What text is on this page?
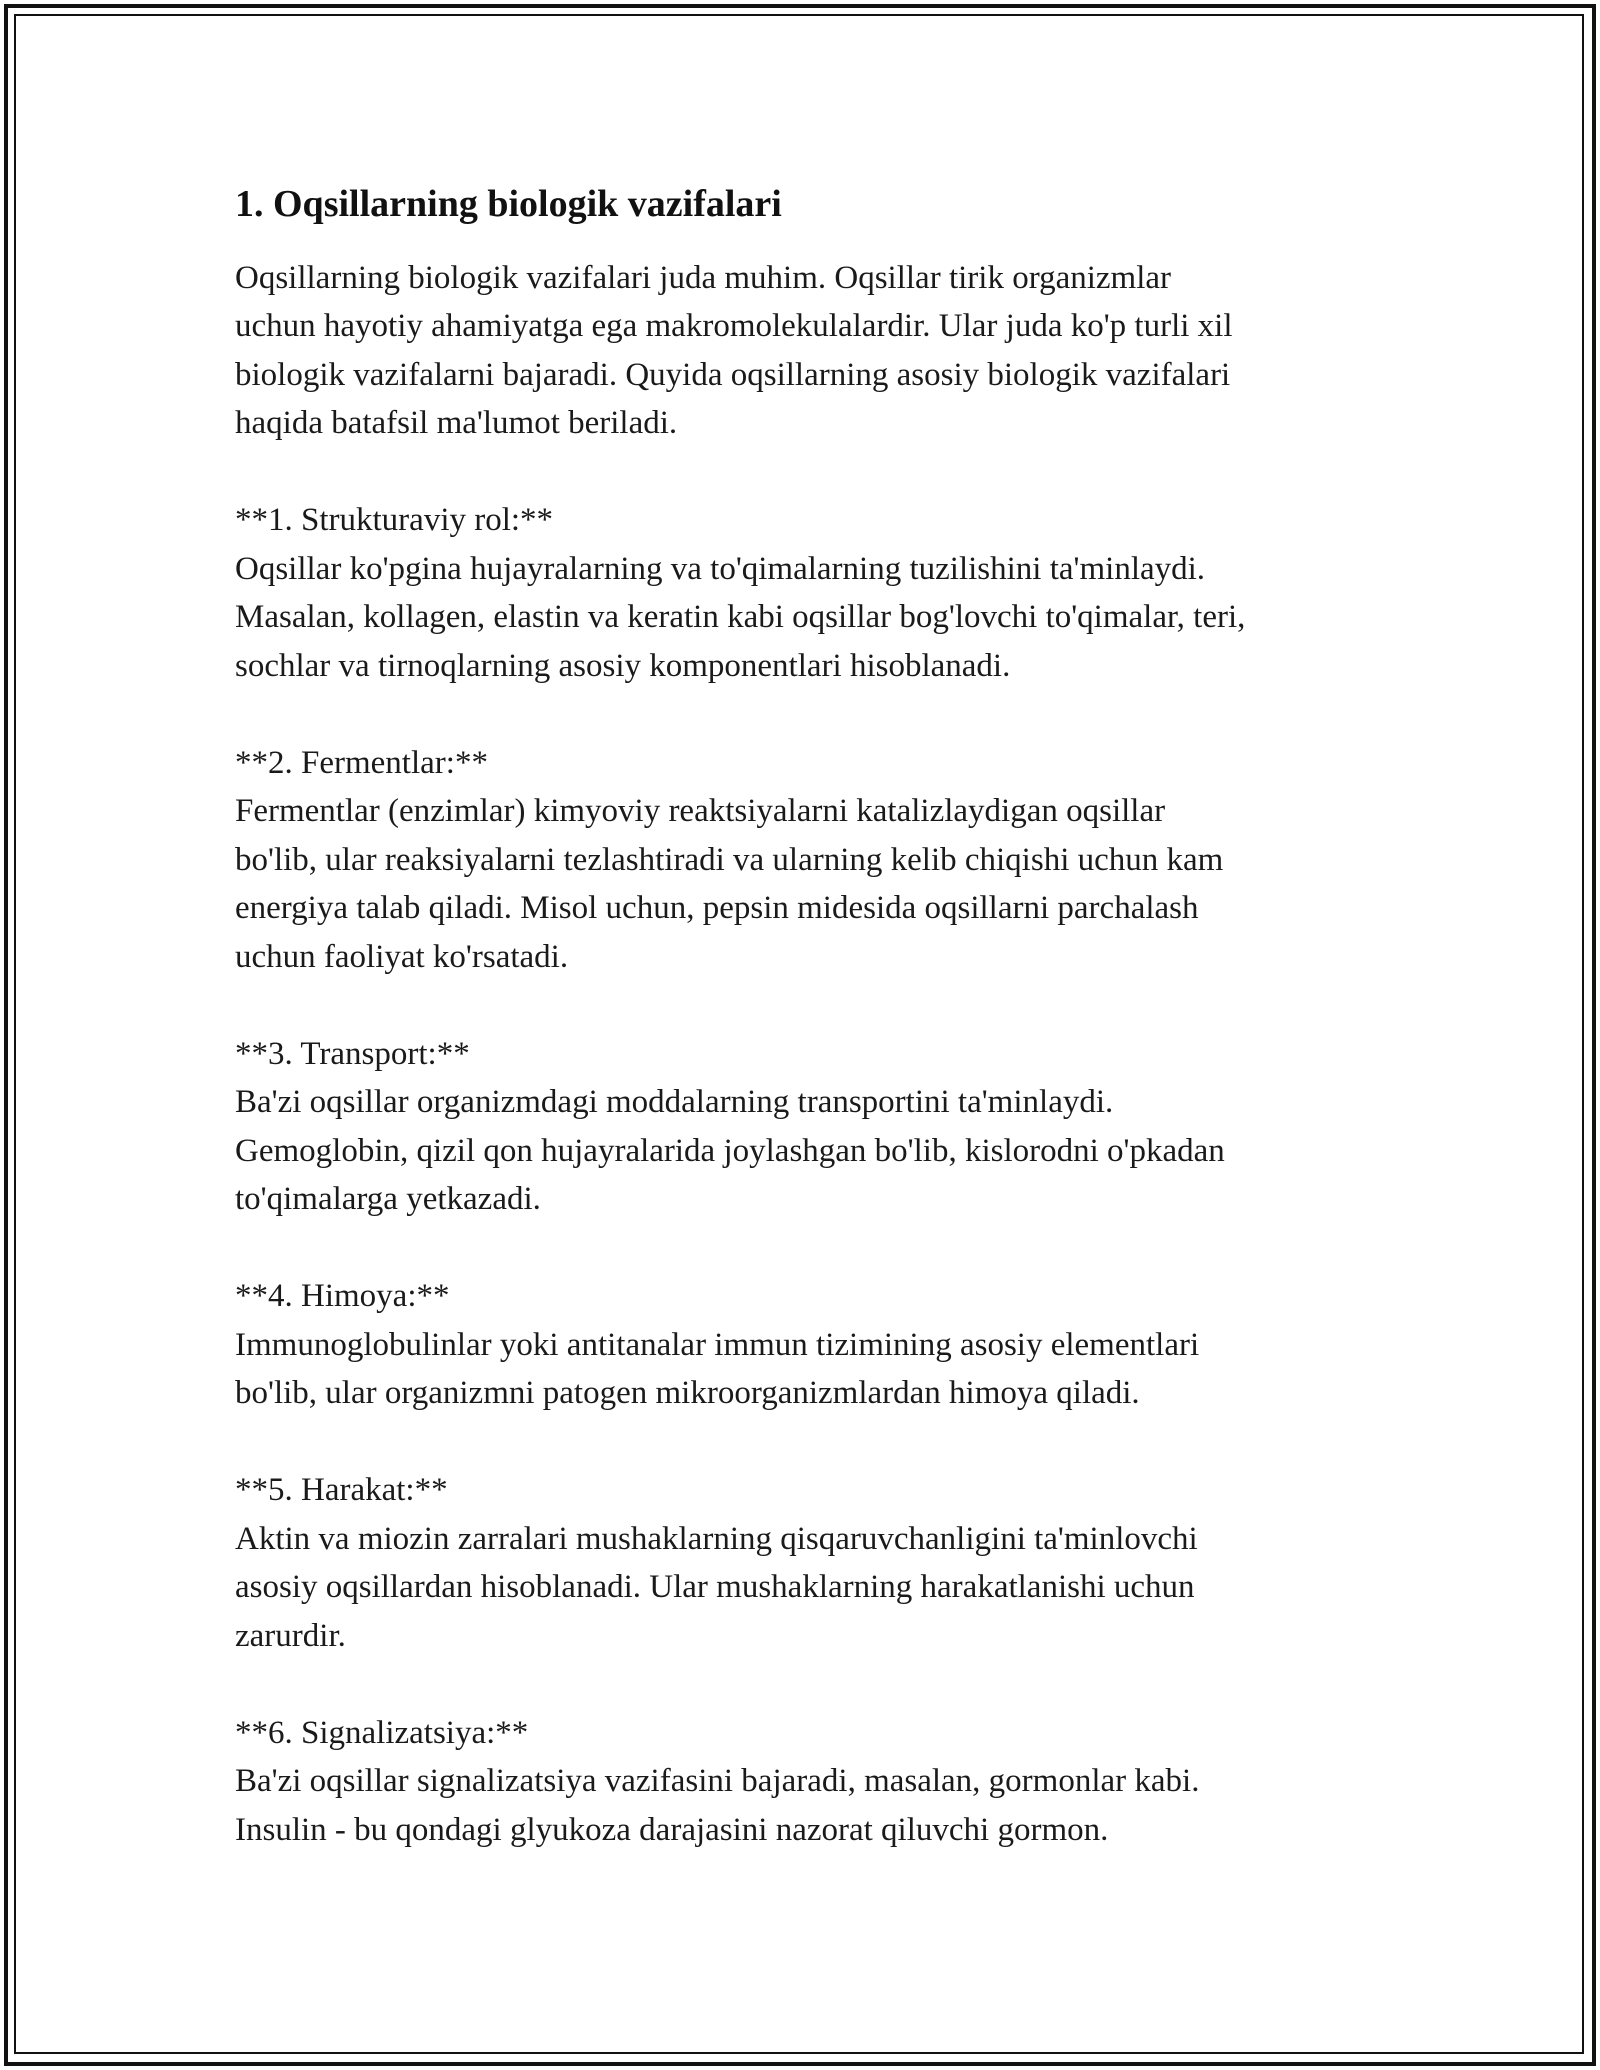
1. Oqsillarning biologik vazifalari

Oqsillarning biologik vazifalari juda muhim. Oqsillar tirik organizmlar
uchun hayotiy ahamiyatga ega makromolekulalardir. Ular juda ko'p turli xil
biologik vazifalarni bajaradi. Quyida oqsillarning asosiy biologik vazifalari
haqida batafsil ma'lumot beriladi.

**1. Strukturaviy rol:**

Oqsillar ko'pgina hujayralarning va to'qimalarning tuzilishini ta'minlaydi.
Masalan, kollagen, elastin va keratin kabi oqsillar bog'lovchi to'qimalar, teri,
sochlar va tirnoqlarning asosiy komponentlari hisoblanadi.

**2. Fermentlar:**

Fermentlar (enzimlar) kimyoviy reaktsiyalarni katalizlaydigan oqsillar
bo'lib, ular reaksiyalarni tezlashtiradi va ularning kelib chiqishi uchun kam
energiya talab qiladi. Misol uchun, pepsin midesida oqsillarni parchalash
uchun faoliyat ko'rsatadi.

**3. Transport:**

Ba'zi oqsillar organizmdagi moddalarning transportini ta'minlaydi.
Gemoglobin, qizil qon hujayralarida joylashgan bo'lib, kislorodni o'pkadan
to'qimalarga yetkazadi.

**4. Himoya:**

Immunoglobulinlar yoki antitanalar immun tizimining asosiy elementlari
bo'lib, ular organizmni patogen mikroorganizmlardan himoya qiladi.

**5. Harakat:**

Aktin va miozin zarralari mushaklarning qisqaruvchanligini ta'minlovchi
asosiy oqsillardan hisoblanadi. Ular mushaklarning harakatlanishi uchun
zarurdir.

**6. Signalizatsiya:**

Ba'zi oqsillar signalizatsiya vazifasini bajaradi, masalan, gormonlar kabi.
Insulin - bu qondagi glyukoza darajasini nazorat qiluvchi gormon.
